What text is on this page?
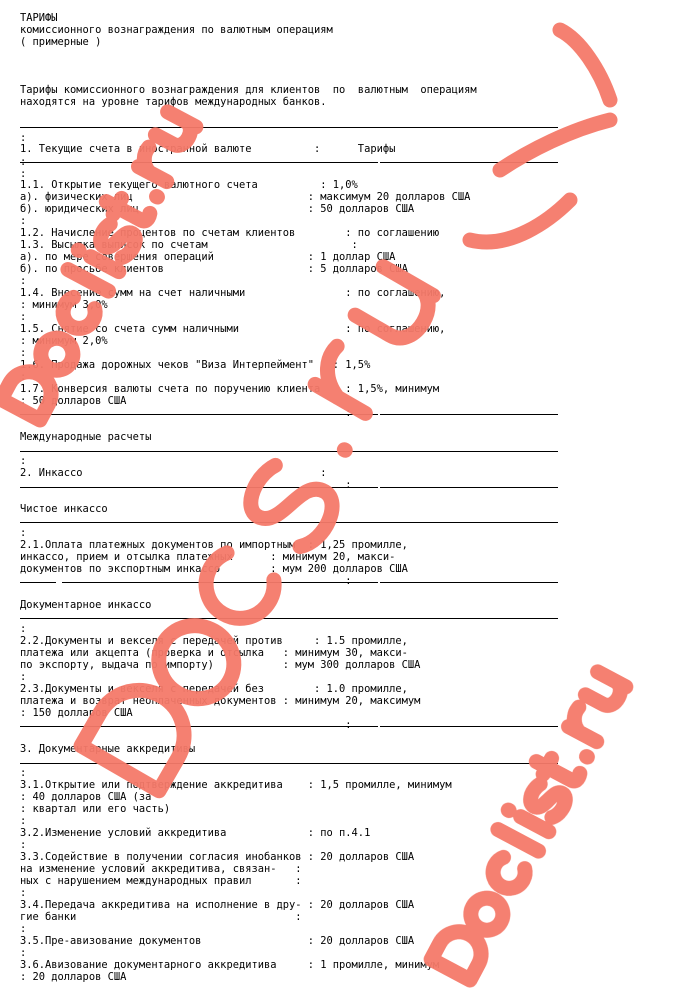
ТАРИФЫ
комиссионного вознаграждения по валютным операциям
( примерные )
Тарифы комиссионного вознаграждения для клиентов  по  валютным  операциям
находятся на уровне тарифов международных банков.
:
1. Текущие счета в иностранной валюте          :      Тарифы
:
:
1.1. Открытие текущего валютного счета          : 1,0%
а). физических лиц                            : максимум 20 долларов США
б). юридических лиц                           : 50 долларов США
:
1.2. Начисление процентов по счетам клиентов        : по соглашению
1.3. Высылка выписок по счетам                       :
а). по мере совершения операций               : 1 доллар США
б). по просьбе клиентов                       : 5 долларов США
:
1.4. Внесение сумм на счет наличными                : по соглашению,
: минимум 3,0%
:
1.5. Снятие со счета сумм наличными                 : по соглашению,
: минимум 2,0%
:
1.6. Продажа дорожных чеков "Виза Интерпеймент"   : 1,5%
:
1.7. Конверсия валюты счета по поручению клиента    : 1,5%, минимум
: 50 долларов США
:
Международные расчеты
:
2. Инкассо                                      :
:
Чистое инкассо
:
2.1.Оплата платежных документов по импортным  : 1,25 промилле,
инкассо, прием и отсылка платежных      : минимум 20, макси-
документов по экспортным инкассо        : мум 200 долларов США
:
Документарное инкассо
:
2.2.Документы и векселя с передачей против     : 1.5 промилле,
платежа или акцепта (проверка и отсылка   : минимум 30, макси-
по экспорту, выдача по импорту)           : мум 300 долларов США
:
2.3.Документы и векселя с передачей без        : 1.0 промилле,
платежа и возврат неоплаченных документов : минимум 20, максимум
: 150 долларов США
:
3. Документарные аккредитивы
:
3.1.Открытие или подтверждение аккредитива    : 1,5 промилле, минимум
: 40 долларов США (за
: квартал или его часть)
:
3.2.Изменение условий аккредитива             : по п.4.1
:
3.3.Содействие в получении согласия инобанков : 20 долларов США
на изменение условий аккредитива, связан-   :
ных с нарушением международных правил       :
:
3.4.Передача аккредитива на исполнение в дру- : 20 долларов США
гие банки                                   :
:
3.5.Пре-авизование документов                 : 20 долларов США
:
3.6.Авизование документарного аккредитива     : 1 промилле, минимум
: 20 долларов США
